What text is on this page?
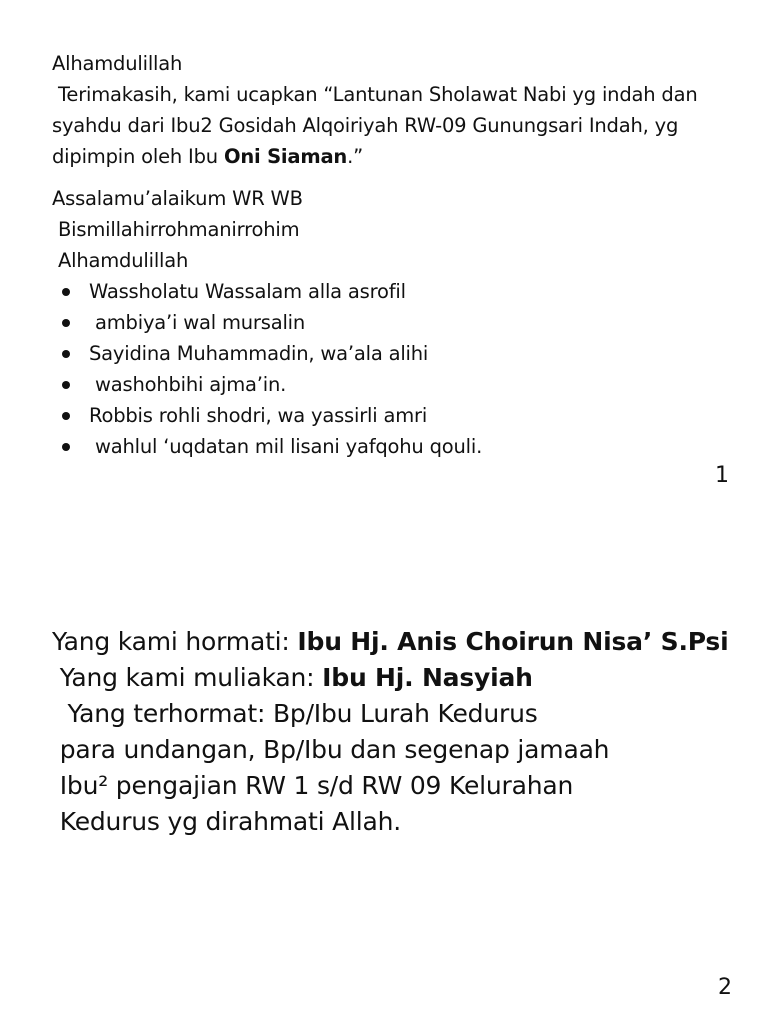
Alhamdulillah

Terimakasih, kami ucapkan “Lantunan Sholawat Nabi yg indah dan

syahdu dari Ibu2 Gosidah Alqoiriyah RW-09 Gunungsari Indah, yg

dipimpin oleh Ibu Oni Siaman.”

Assalamu’alaikum WR WB

Bismillahirrohmanirrohim

Alhamdulillah

Wassholatu Wassalam alla asrofil
ambiya’i wal mursalin
Sayidina Muhammadin, wa’ala alihi
washohbihi ajma’in.
Robbis rohli shodri, wa yassirli amri
wahlul ‘uqdatan mil lisani yafqohu qouli.
1

Yang kami hormati: Ibu Hj. Anis Choirun Nisa’ S.Psi

Yang kami muliakan: Ibu Hj. Nasyiah

Yang terhormat: Bp/Ibu Lurah Kedurus

para undangan, Bp/Ibu dan segenap jamaah

Ibu² pengajian RW 1 s/d RW 09 Kelurahan

Kedurus yg dirahmati Allah.

2
